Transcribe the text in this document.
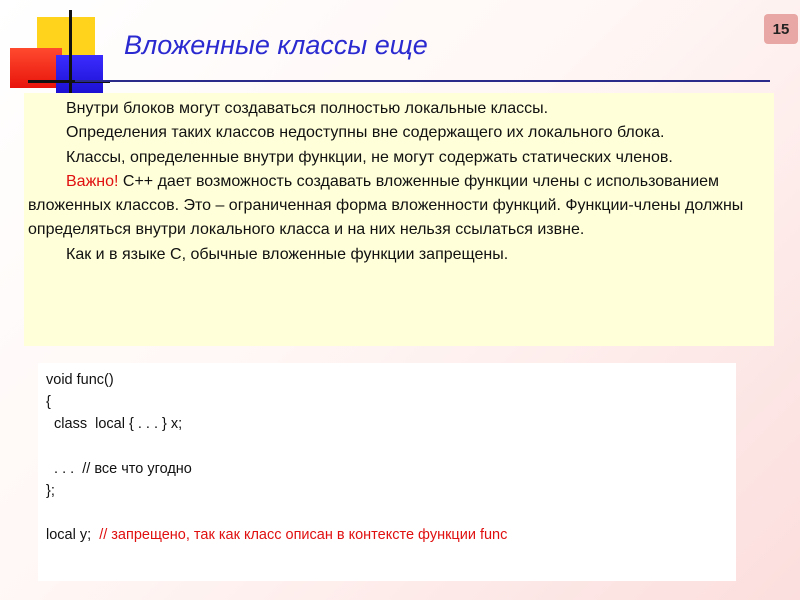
Вложенные классы еще
15

Внутри блоков могут создаваться полностью локальные классы.

Определения таких классов недоступны вне содержащего их локального блока.

Классы, определенные внутри функции, не могут содержать статических членов.

Важно! С++ дает возможность создавать вложенные функции члены с использованием вложенных классов. Это – ограниченная форма вложенности функций. Функции-члены должны определяться внутри локального класса и на них нельзя ссылаться извне.

Как и в языке С, обычные вложенные функции запрещены.

void func()
{
class  local { . . . } x;
. . .  // все что угодно
};
local y;  // запрещено, так как класс описан в контексте функции func
